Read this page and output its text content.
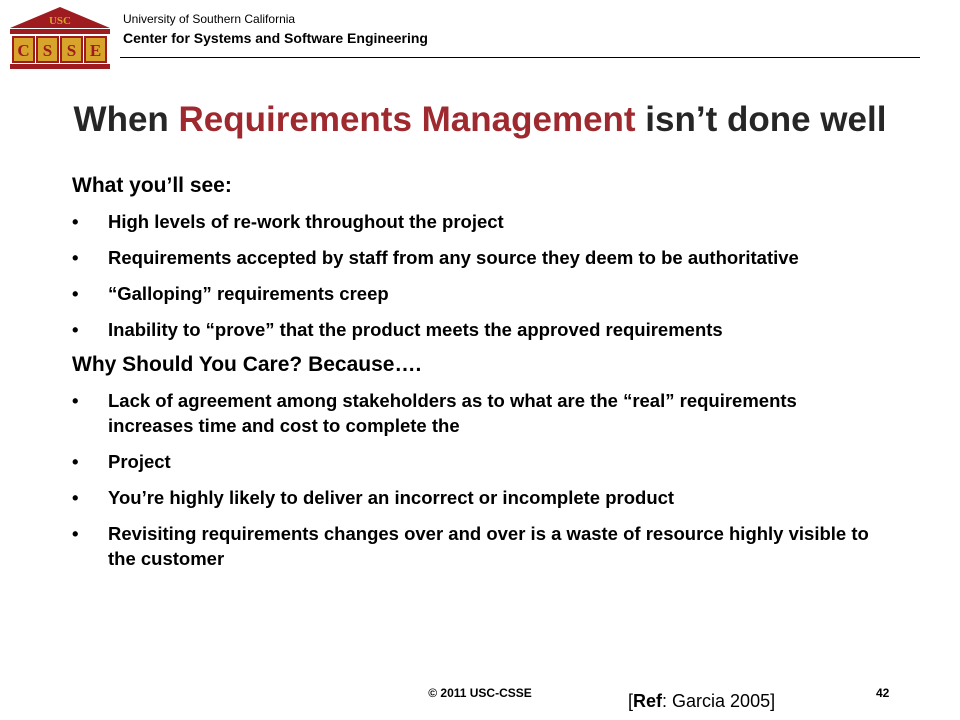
USC
C S S E
University of Southern California
Center for Systems and Software Engineering
When Requirements Management isn’t done well
What you’ll see:
• High levels of re-work throughout the project
• Requirements accepted by staff from any source they deem to be authoritative
• “Galloping” requirements creep
• Inability to “prove” that the product meets the approved requirements
Why Should You Care? Because….
• Lack of agreement among stakeholders as to what are the “real” requirements increases time and cost to complete the
• Project
• You’re highly likely to deliver an incorrect or incomplete product
• Revisiting requirements changes over and over is a waste of resource highly visible to the customer
© 2011 USC-CSSE	42
[Ref: Garcia 2005]
